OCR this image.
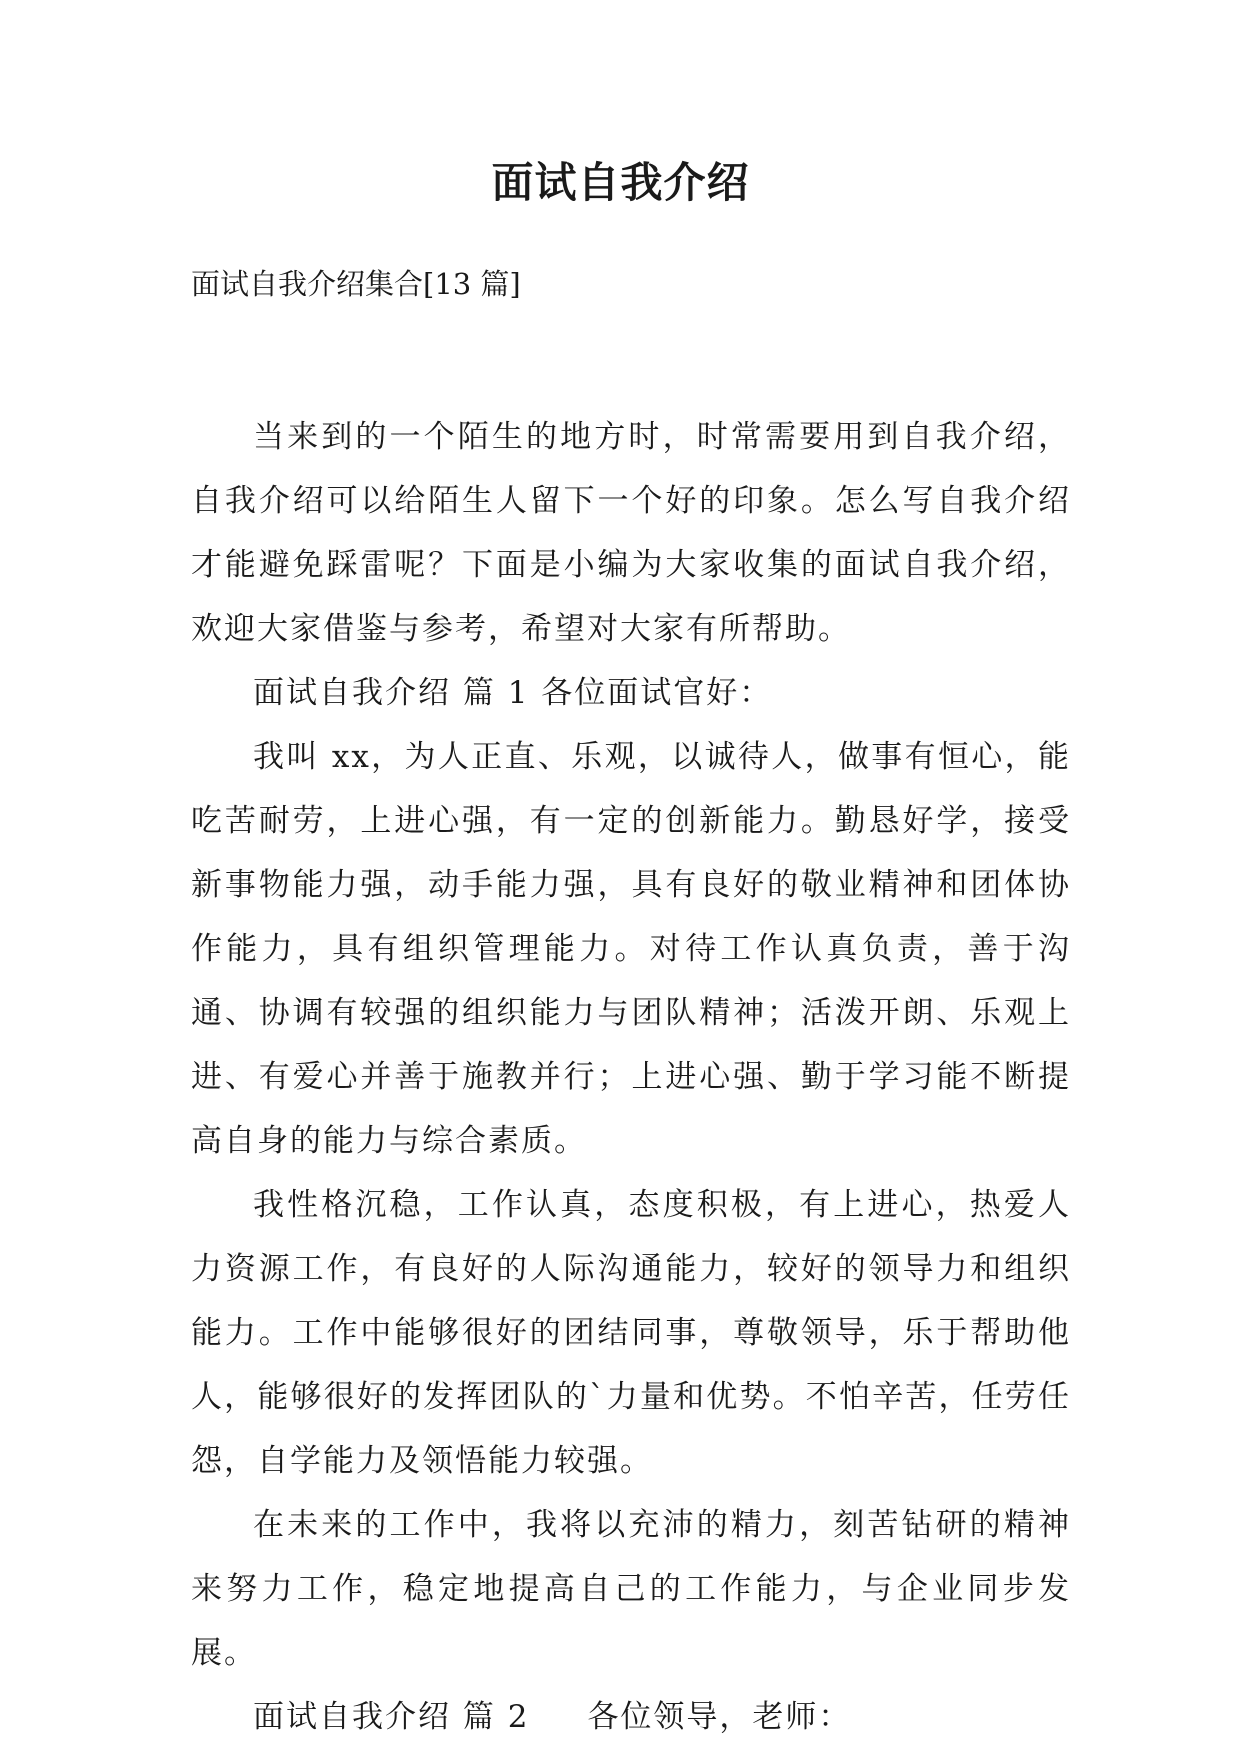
面试自我介绍

面试自我介绍集合[13 篇]

当来到的一个陌生的地方时，时常需要用到自我介绍，自我介绍可以给陌生人留下一个好的印象。怎么写自我介绍才能避免踩雷呢？下面是小编为大家收集的面试自我介绍，欢迎大家借鉴与参考，希望对大家有所帮助。

面试自我介绍 篇 1 各位面试官好：

我叫 xx，为人正直、乐观，以诚待人，做事有恒心，能吃苦耐劳，上进心强，有一定的创新能力。勤恳好学，接受新事物能力强，动手能力强，具有良好的敬业精神和团体协作能力，具有组织管理能力。对待工作认真负责，善于沟通、协调有较强的组织能力与团队精神；活泼开朗、乐观上进、有爱心并善于施教并行；上进心强、勤于学习能不断提高自身的能力与综合素质。

我性格沉稳，工作认真，态度积极，有上进心，热爱人力资源工作，有良好的人际沟通能力，较好的领导力和组织能力。工作中能够很好的团结同事，尊敬领导，乐于帮助他人，能够很好的发挥团队的`力量和优势。不怕辛苦，任劳任怨，自学能力及领悟能力较强。

在未来的工作中，我将以充沛的精力，刻苦钻研的精神来努力工作，稳定地提高自己的工作能力，与企业同步发展。

面试自我介绍 篇 2 各位领导，老师：
